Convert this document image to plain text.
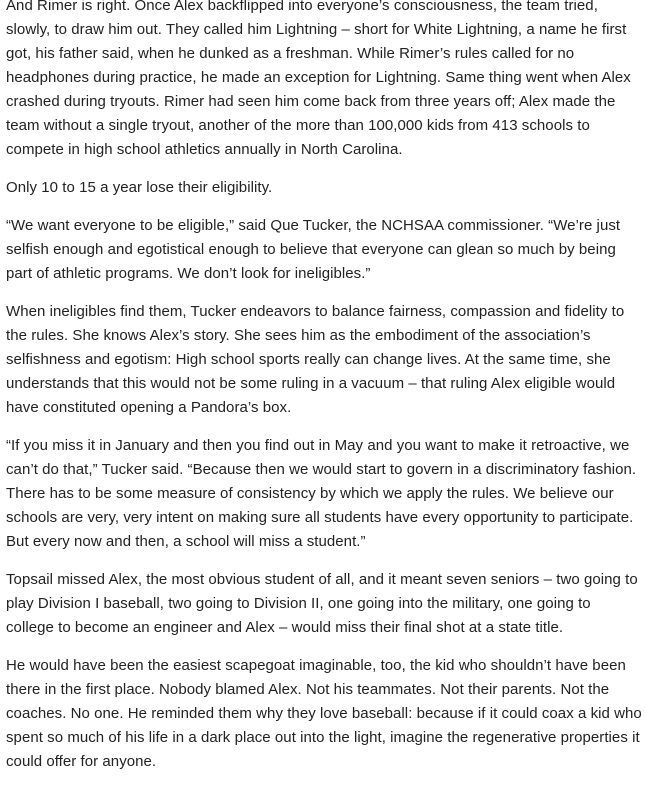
And Rimer is right. Once Alex backflipped into everyone’s consciousness, the team tried, slowly, to draw him out. They called him Lightning – short for White Lightning, a name he first got, his father said, when he dunked as a freshman. While Rimer’s rules called for no headphones during practice, he made an exception for Lightning. Same thing went when Alex crashed during tryouts. Rimer had seen him come back from three years off; Alex made the team without a single tryout, another of the more than 100,000 kids from 413 schools to compete in high school athletics annually in North Carolina.

Only 10 to 15 a year lose their eligibility.

“We want everyone to be eligible,” said Que Tucker, the NCHSAA commissioner. “We’re just selfish enough and egotistical enough to believe that everyone can glean so much by being part of athletic programs. We don’t look for ineligibles.”

When ineligibles find them, Tucker endeavors to balance fairness, compassion and fidelity to the rules. She knows Alex’s story. She sees him as the embodiment of the association’s selfishness and egotism: High school sports really can change lives. At the same time, she understands that this would not be some ruling in a vacuum – that ruling Alex eligible would have constituted opening a Pandora’s box.

“If you miss it in January and then you find out in May and you want to make it retroactive, we can’t do that,” Tucker said. “Because then we would start to govern in a discriminatory fashion. There has to be some measure of consistency by which we apply the rules. We believe our schools are very, very intent on making sure all students have every opportunity to participate. But every now and then, a school will miss a student.”

Topsail missed Alex, the most obvious student of all, and it meant seven seniors – two going to play Division I baseball, two going to Division II, one going into the military, one going to college to become an engineer and Alex – would miss their final shot at a state title.

He would have been the easiest scapegoat imaginable, too, the kid who shouldn’t have been there in the first place. Nobody blamed Alex. Not his teammates. Not their parents. Not the coaches. No one. He reminded them why they love baseball: because if it could coax a kid who spent so much of his life in a dark place out into the light, imagine the regenerative properties it could offer for anyone.
